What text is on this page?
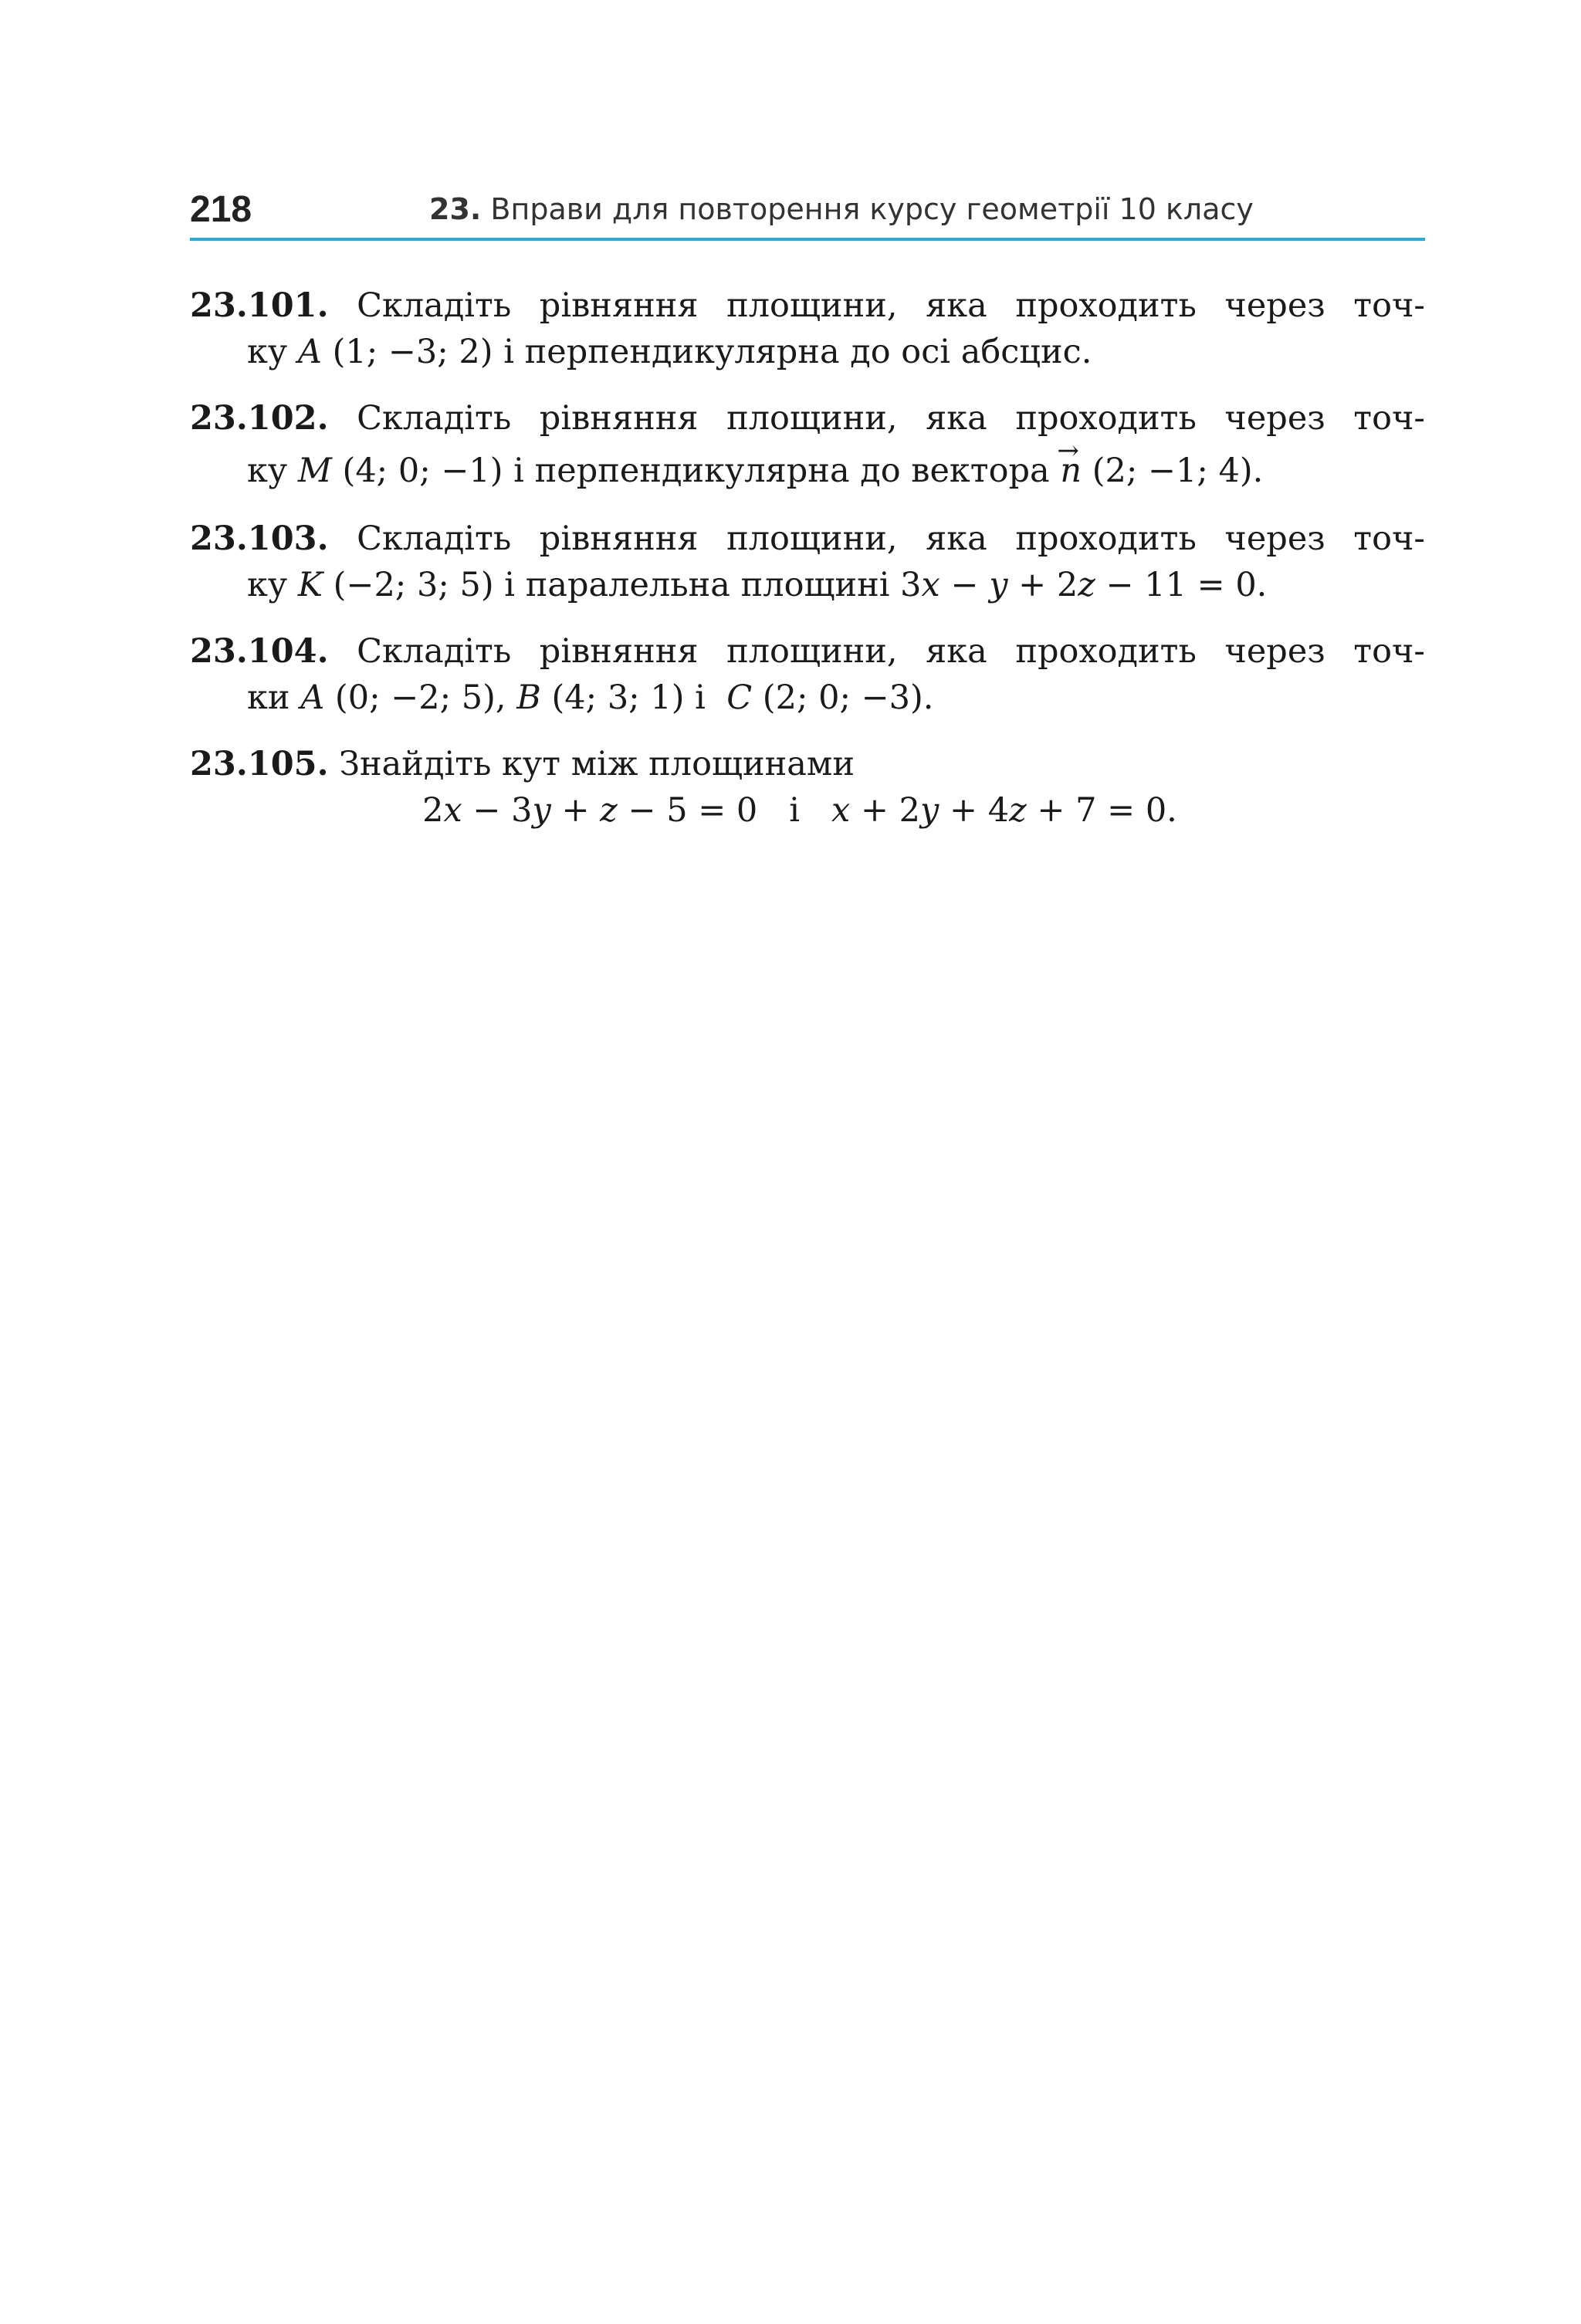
218	23. Вправи для повторення курсу геометрії 10 класу
23.101. Складіть рівняння площини, яка проходить через точ-
ку A (1; −3; 2) і перпендикулярна до осі абсцис.
23.102. Складіть рівняння площини, яка проходить через точ-
ку M (4; 0; −1) і перпендикулярна до вектора
→ n (2; −1; 4).
23.103. Складіть рівняння площини, яка проходить через точ-
ку K (−2; 3; 5) і паралельна площині 3 x − y + 2 z − 11 = 0.
23.104. Складіть рівняння площини, яка проходить через точ-
ки A (0; −2; 5), B (4; 3; 1) і C (2; 0; −3).
23.105. Знайдіть кут між площинами
2x − 3y + z − 5 = 0   і   x + 2y + 4z + 7 = 0.
